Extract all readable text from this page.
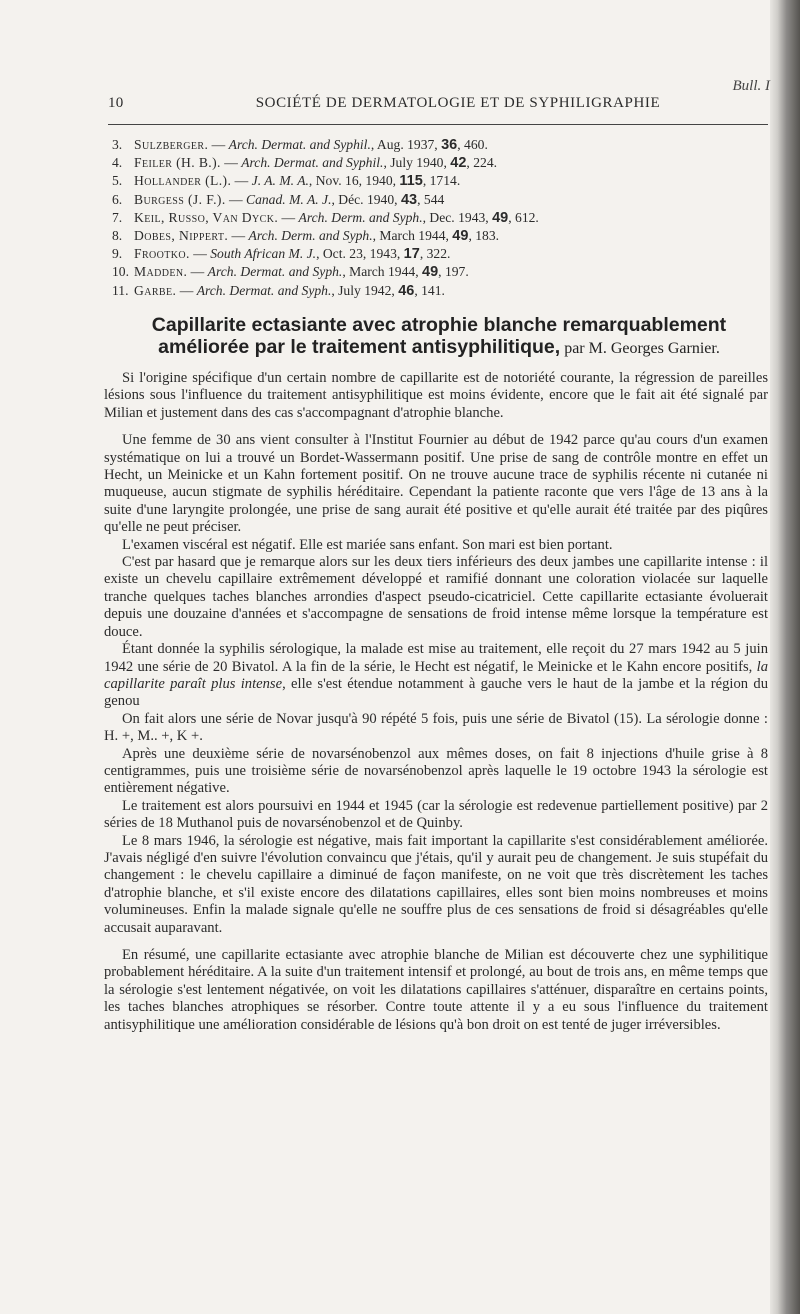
Bull. I
10	SOCIÉTÉ DE DERMATOLOGIE ET DE SYPHILIGRAPHIE
3. Sulzberger. — Arch. Dermat. and Syphil., Aug. 1937, 36, 460.
4. Feiler (H. B.). — Arch. Dermat. and Syphil., July 1940, 42, 224.
5. Hollander (L.). — J. A. M. A., Nov. 16, 1940, 115, 1714.
6. Burgess (J. F.). — Canad. M. A. J., Déc. 1940, 43, 544
7. Keil, Russo, Van Dyck. — Arch. Derm. and Syph., Dec. 1943, 49, 612.
8. Dobes, Nippert. — Arch. Derm. and Syph., March 1944, 49, 183.
9. Frootko. — South African M. J., Oct. 23, 1943, 17, 322.
10. Madden. — Arch. Dermat. and Syph., March 1944, 49, 197.
11. Garbe. — Arch. Dermat. and Syph., July 1942, 46, 141.
Capillarite ectasiante avec atrophie blanche remarquablement améliorée par le traitement antisyphilitique, par M. Georges Garnier.

Si l'origine spécifique d'un certain nombre de capillarite est de notoriété courante, la régression de pareilles lésions sous l'influence du traitement antisyphilitique est moins évidente, encore que le fait ait été signalé par Milian et justement dans des cas s'accompagnant d'atrophie blanche.

Une femme de 30 ans vient consulter à l'Institut Fournier au début de 1942 parce qu'au cours d'un examen systématique on lui a trouvé un Bordet-Wassermann positif. Une prise de sang de contrôle montre en effet un Hecht, un Meinicke et un Kahn fortement positif. On ne trouve aucune trace de syphilis récente ni cutanée ni muqueuse, aucun stigmate de syphilis héréditaire. Cependant la patiente raconte que vers l'âge de 13 ans à la suite d'une laryngite prolongée, une prise de sang aurait été positive et qu'elle aurait été traitée par des piqûres qu'elle ne peut préciser.

L'examen viscéral est négatif. Elle est mariée sans enfant. Son mari est bien portant.

C'est par hasard que je remarque alors sur les deux tiers inférieurs des deux jambes une capillarite intense : il existe un chevelu capillaire extrêmement développé et ramifié donnant une coloration violacée sur laquelle tranche quelques taches blanches arrondies d'aspect pseudo-cicatriciel. Cette capillarite ectasiante évoluerait depuis une douzaine d'années et s'accompagne de sensations de froid intense même lorsque la température est douce.

Étant donnée la syphilis sérologique, la malade est mise au traitement, elle reçoit du 27 mars 1942 au 5 juin 1942 une série de 20 Bivatol. A la fin de la série, le Hecht est négatif, le Meinicke et le Kahn encore positifs, la capillarite paraît plus intense, elle s'est étendue notamment à gauche vers le haut de la jambe et la région du genou

On fait alors une série de Novar jusqu'à 90 répété 5 fois, puis une série de Bivatol (15). La sérologie donne : H. +, M.. +, K +.

Après une deuxième série de novarsénobenzol aux mêmes doses, on fait 8 injections d'huile grise à 8 centigrammes, puis une troisième série de novarsénobenzol après laquelle le 19 octobre 1943 la sérologie est entièrement négative.

Le traitement est alors poursuivi en 1944 et 1945 (car la sérologie est redevenue partiellement positive) par 2 séries de 18 Muthanol puis de novarsénobenzol et de Quinby.

Le 8 mars 1946, la sérologie est négative, mais fait important la capillarite s'est considérablement améliorée. J'avais négligé d'en suivre l'évolution convaincu que j'étais, qu'il y aurait peu de changement. Je suis stupéfait du changement : le chevelu capillaire a diminué de façon manifeste, on ne voit que très discrètement les taches d'atrophie blanche, et s'il existe encore des dilatations capillaires, elles sont bien moins nombreuses et moins volumineuses. Enfin la malade signale qu'elle ne souffre plus de ces sensations de froid si désagréables qu'elle accusait auparavant.

En résumé, une capillarite ectasiante avec atrophie blanche de Milian est découverte chez une syphilitique probablement héréditaire. A la suite d'un traitement intensif et prolongé, au bout de trois ans, en même temps que la sérologie s'est lentement négativée, on voit les dilatations capillaires s'atténuer, disparaître en certains points, les taches blanches atrophiques se résorber. Contre toute attente il y a eu sous l'influence du traitement antisyphilitique une amélioration considérable de lésions qu'à bon droit on est tenté de juger irréversibles.
